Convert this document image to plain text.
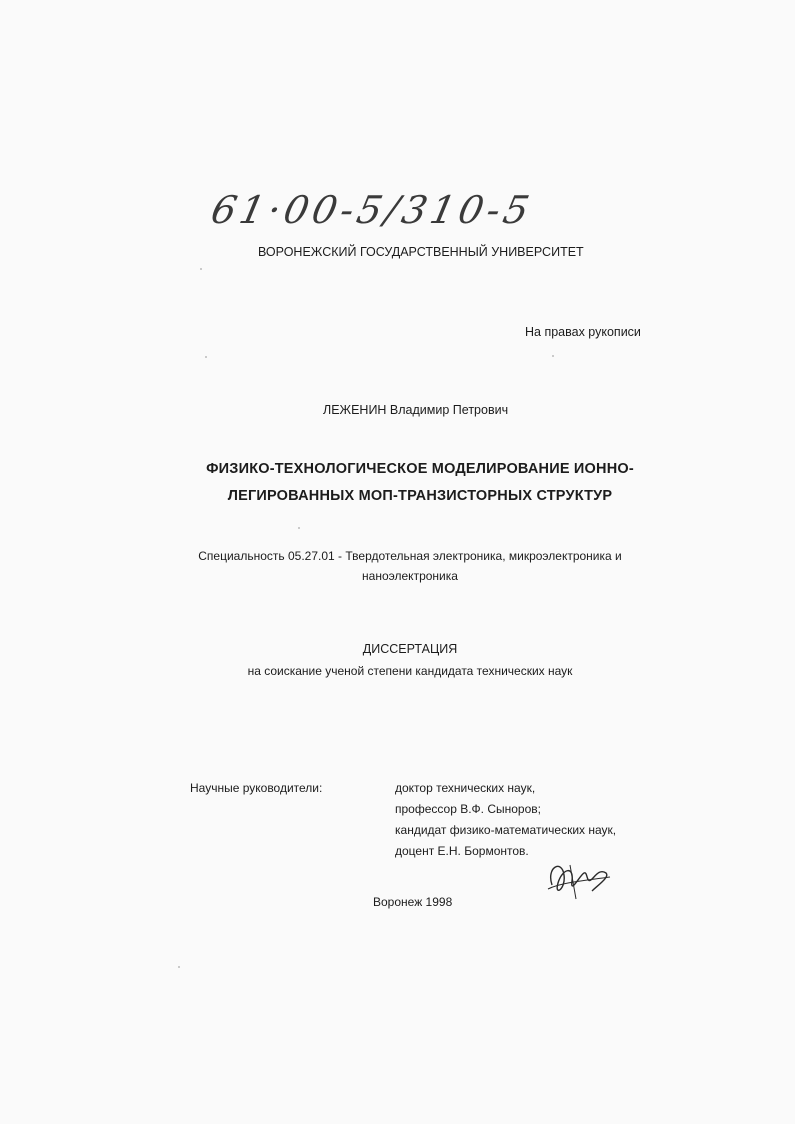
61·00-5/310-5
ВОРОНЕЖСКИЙ ГОСУДАРСТВЕННЫЙ УНИВЕРСИТЕТ
На правах рукописи
ЛЕЖЕНИН Владимир Петрович
ФИЗИКО-ТЕХНОЛОГИЧЕСКОЕ МОДЕЛИРОВАНИЕ ИОННО-
ЛЕГИРОВАННЫХ МОП-ТРАНЗИСТОРНЫХ СТРУКТУР
Специальность 05.27.01 - Твердотельная электроника, микроэлектроника и
наноэлектроника
ДИССЕРТАЦИЯ
на соискание ученой степени кандидата технических наук
Научные руководители:	доктор технических наук,
профессор В.Ф. Сыноров;
кандидат физико-математических наук,
доцент Е.Н. Бормонтов.
Воронеж 1998
